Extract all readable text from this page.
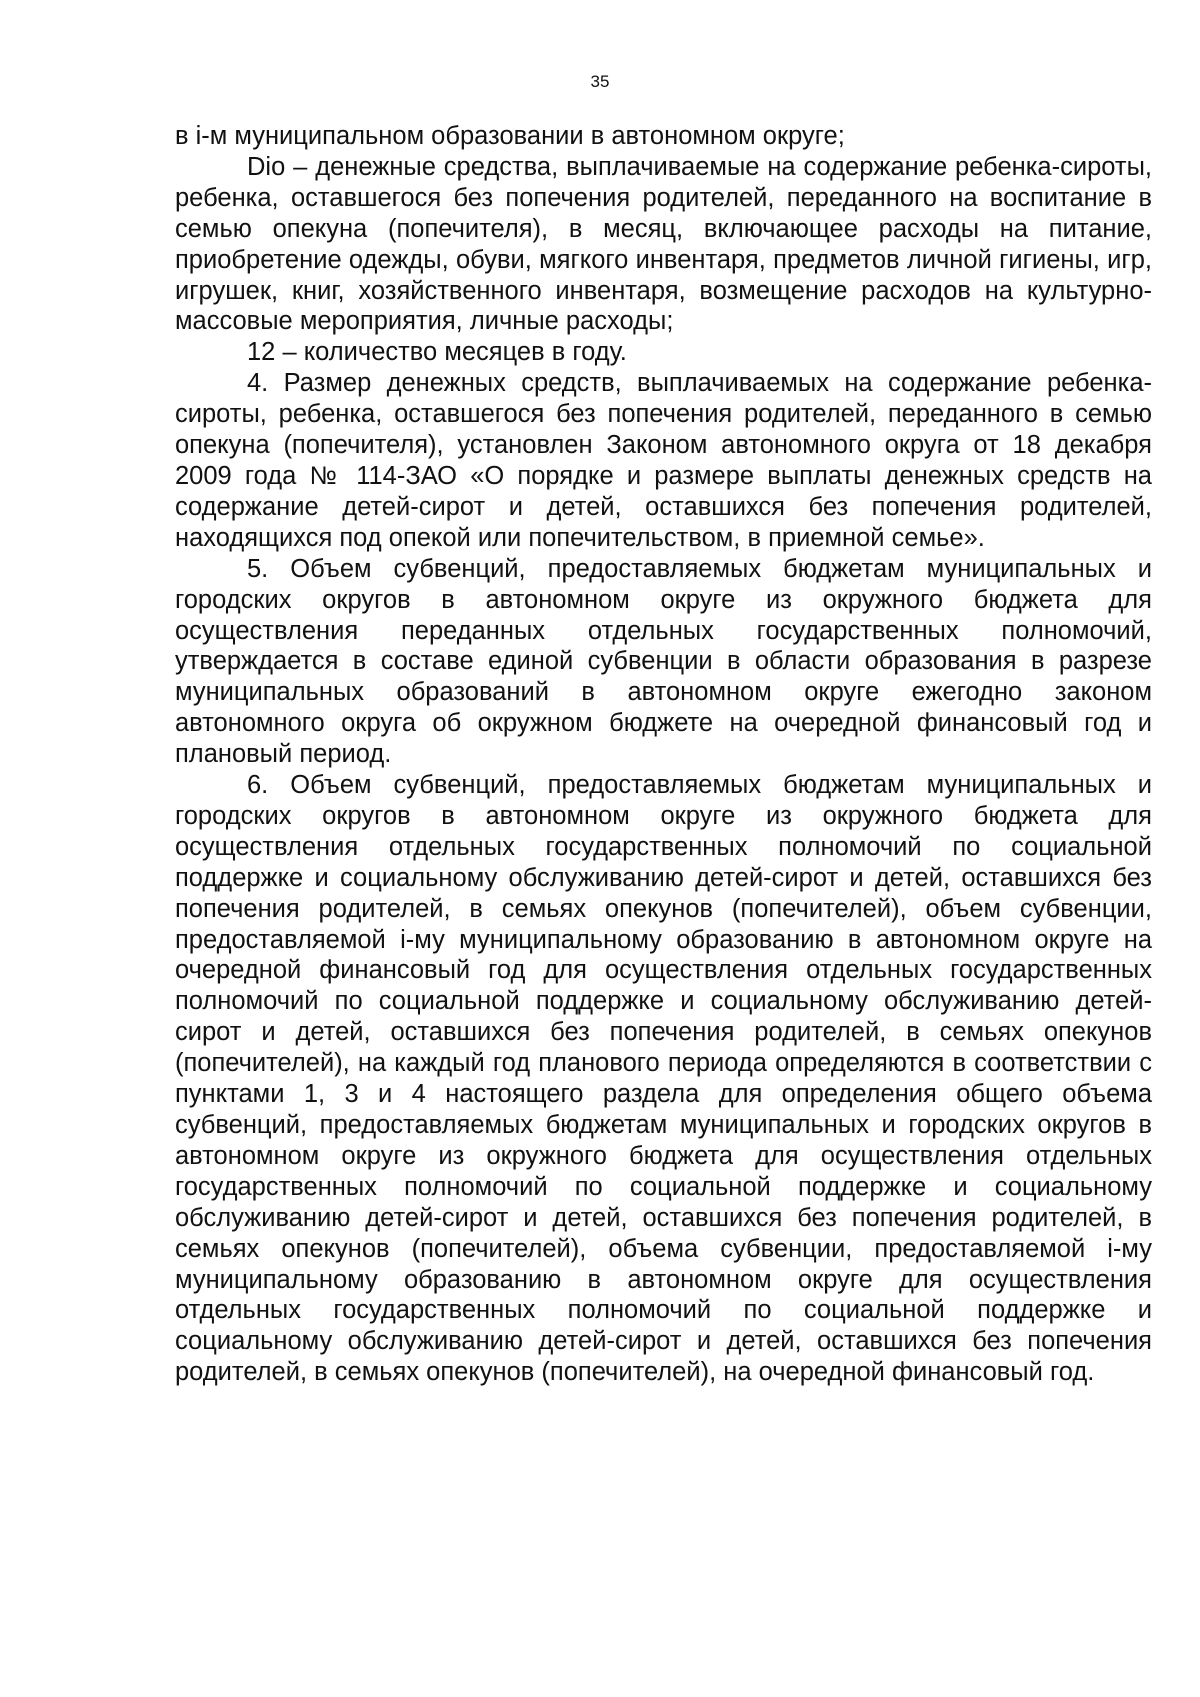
35

в i-м муниципальном образовании в автономном округе;

Dio – денежные средства, выплачиваемые на содержание ребенка-сироты, ребенка, оставшегося без попечения родителей, переданного на воспитание в семью опекуна (попечителя), в месяц, включающее расходы на питание, приобретение одежды, обуви, мягкого инвентаря, предметов личной гигиены, игр, игрушек, книг, хозяйственного инвентаря, возмещение расходов на культурно-массовые мероприятия, личные расходы;

12 – количество месяцев в году.

4. Размер денежных средств, выплачиваемых на содержание ребенка-сироты, ребенка, оставшегося без попечения родителей, переданного в семью опекуна (попечителя), установлен Законом автономного округа от 18 декабря 2009 года № 114-ЗАО «О порядке и размере выплаты денежных средств на содержание детей-сирот и детей, оставшихся без попечения родителей, находящихся под опекой или попечительством, в приемной семье».

5. Объем субвенций, предоставляемых бюджетам муниципальных и городских округов в автономном округе из окружного бюджета для осуществления переданных отдельных государственных полномочий, утверждается в составе единой субвенции в области образования в разрезе муниципальных образований в автономном округе ежегодно законом автономного округа об окружном бюджете на очередной финансовый год и плановый период.

6. Объем субвенций, предоставляемых бюджетам муниципальных и городских округов в автономном округе из окружного бюджета для осуществления отдельных государственных полномочий по социальной поддержке и социальному обслуживанию детей-сирот и детей, оставшихся без попечения родителей, в семьях опекунов (попечителей), объем субвенции, предоставляемой i-му муниципальному образованию в автономном округе на очередной финансовый год для осуществления отдельных государственных полномочий по социальной поддержке и социальному обслуживанию детей-сирот и детей, оставшихся без попечения родителей, в семьях опекунов (попечителей), на каждый год планового периода определяются в соответствии с пунктами 1, 3 и 4 настоящего раздела для определения общего объема субвенций, предоставляемых бюджетам муниципальных и городских округов в автономном округе из окружного бюджета для осуществления отдельных государственных полномочий по социальной поддержке и социальному обслуживанию детей-сирот и детей, оставшихся без попечения родителей, в семьях опекунов (попечителей), объема субвенции, предоставляемой i-му муниципальному образованию в автономном округе для осуществления отдельных государственных полномочий по социальной поддержке и социальному обслуживанию детей-сирот и детей, оставшихся без попечения родителей, в семьях опекунов (попечителей), на очередной финансовый год.
